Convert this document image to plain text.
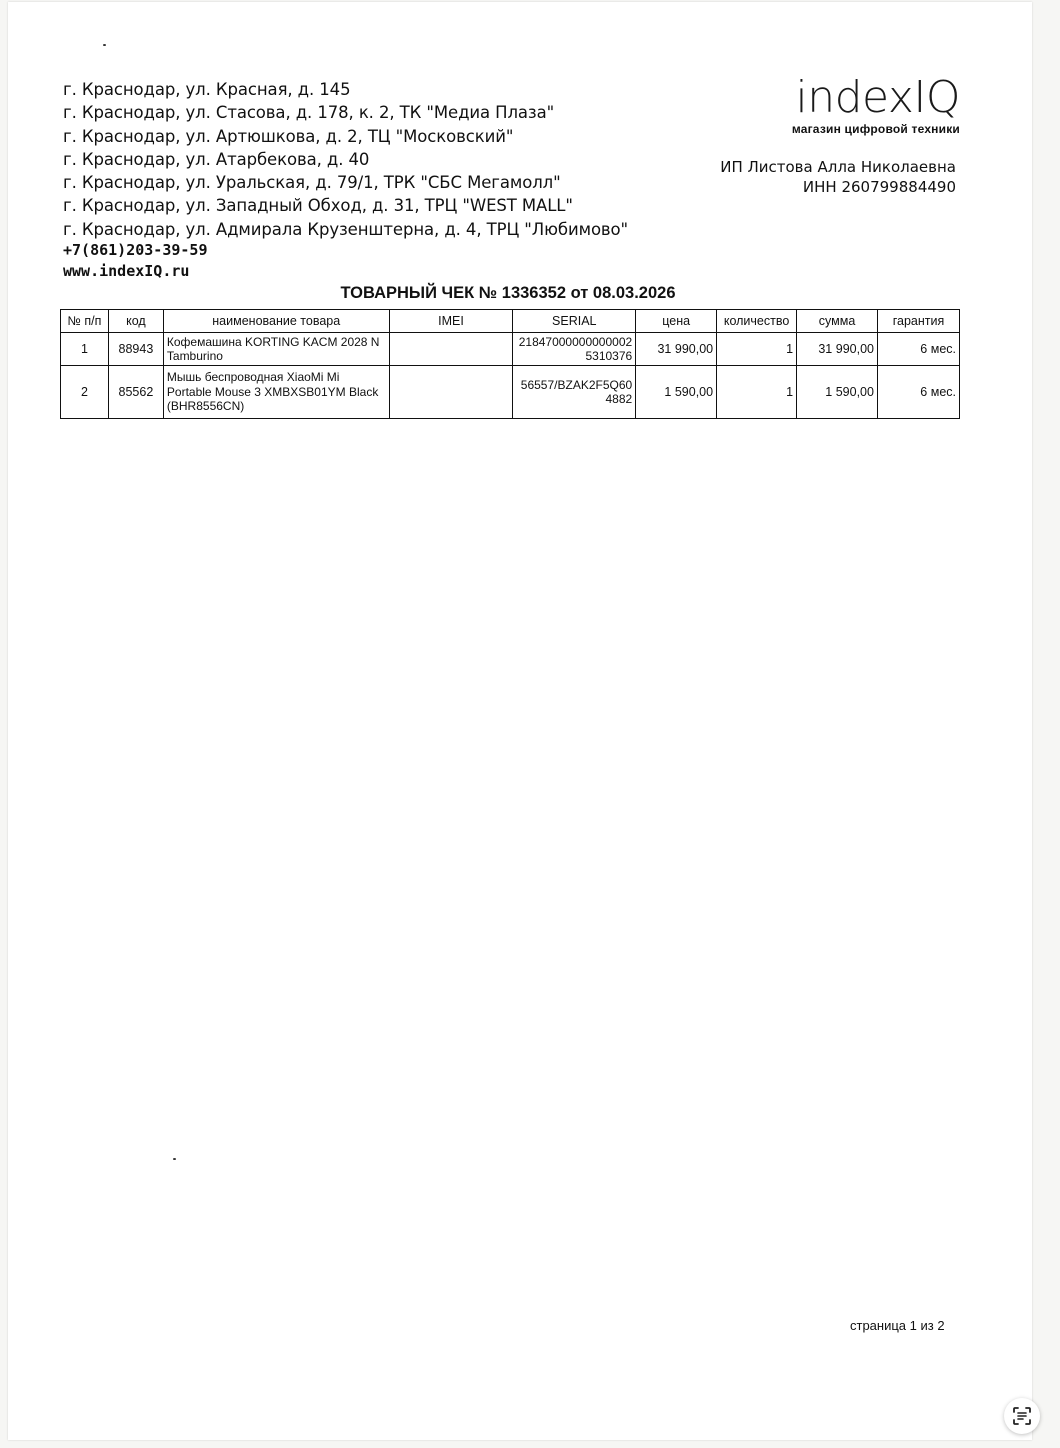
г. Краснодар, ул. Красная, д. 145
г. Краснодар, ул. Стасова, д. 178, к. 2, ТК "Медиа Плаза"
г. Краснодар, ул. Артюшкова, д. 2, ТЦ "Московский"
г. Краснодар, ул. Атарбекова, д. 40
г. Краснодар, ул. Уральская, д. 79/1, ТРК "СБС Мегамолл"
г. Краснодар, ул. Западный Обход, д. 31, ТРЦ "WEST MALL"
г. Краснодар, ул. Адмирала Крузенштерна, д. 4, ТРЦ "Любимово"
+7(861)203-39-59
www.indexIQ.ru
indexIQ
магазин цифровой техники
ИП Листова Алла Николаевна
ИНН 260799884490
ТОВАРНЫЙ ЧЕК № 1336352 от 08.03.2026
№ п/п	код	наименование товара	IMEI	SERIAL	цена	количество	сумма	гарантия
1	88943	Кофемашина KORTING KACM 2028 N Tamburino		218470000000000025310376	31 990,00	1	31 990,00	6 мес.
2	85562	Мышь беспроводная XiaoMi Mi Portable Mouse 3 XMBXSB01YM Black (BHR8556CN)		56557/BZAK2F5Q604882	1 590,00	1	1 590,00	6 мес.
страница 1 из 2
